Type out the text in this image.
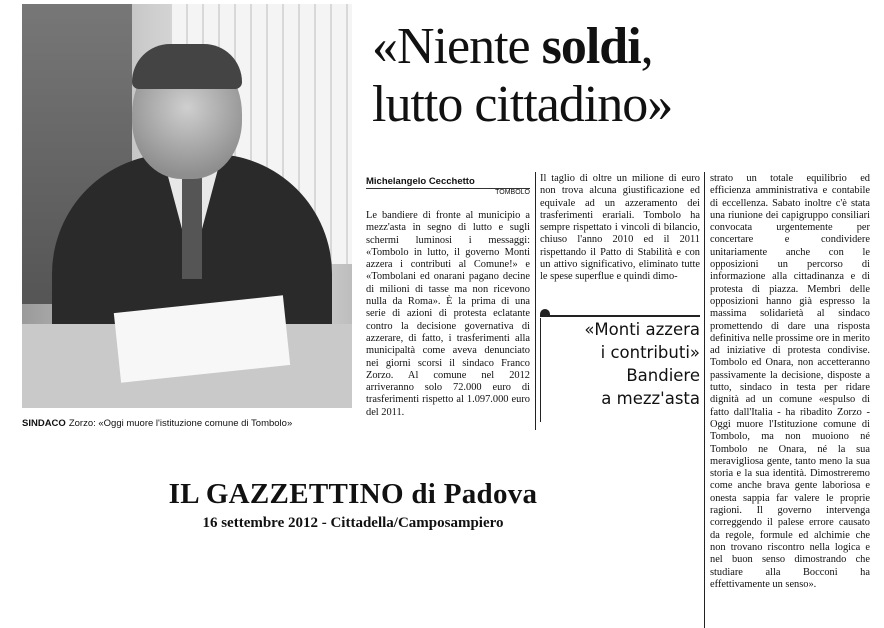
SINDACO Zorzo: «Oggi muore l'istituzione comune di Tombolo»
«Niente soldi,
lutto cittadino»
Michelangelo Cecchetto
TOMBOLO
Le bandiere di fronte al municipio a mezz'asta in segno di lutto e sugli schermi luminosi i messaggi: «Tombolo in lutto, il governo Monti azzera i contributi al Comune!» e «Tombolani ed onarani pagano decine di milioni di tasse ma non ricevono nulla da Roma». È la prima di una serie di azioni di protesta eclatante contro la decisione governativa di azzerare, di fatto, i trasferimenti alla municipaltà come aveva denunciato nei giorni scorsi il sindaco Franco Zorzo. Al comune nel 2012 arriveranno solo 72.000 euro di trasferimenti rispetto al 1.097.000 euro del 2011.
Il taglio di oltre un milione di euro non trova alcuna giustificazione ed equivale ad un azzeramento dei trasferimenti erariali. Tombolo ha sempre rispettato i vincoli di bilancio, chiuso l'anno 2010 ed il 2011 rispettando il Patto di Stabilità e con un attivo significativo, eliminato tutte le spese superflue e quindi dimo-
«Monti azzera
i contributi»
Bandiere
a mezz'asta
strato un totale equilibrio ed efficienza amministrativa e contabile di eccellenza. Sabato inoltre c'è stata una riunione dei capigruppo consiliari convocata urgentemente per concertare e condividere unitariamente anche con le opposizioni un percorso di informazione alla cittadinanza e di protesta di piazza. Membri delle opposizioni hanno già espresso la massima solidarietà al sindaco promettendo di dare una risposta definitiva nelle prossime ore in merito ad iniziative di protesta condivise. Tombolo ed Onara, non accetteranno passivamente la decisione, disposte a tutto, sindaco in testa per ridare dignità ad un comune «espulso di fatto dall'Italia - ha ribadito Zorzo - Oggi muore l'Istituzione comune di Tombolo, ma non muoiono né Tombolo ne Onara, né la sua meravigliosa gente, tanto meno la sua storia e la sua identità. Dimostreremo come anche brava gente laboriosa e onesta sappia far valere le proprie ragioni. Il governo intervenga correggendo il palese errore causato da regole, formule ed alchimie che non trovano riscontro nella logica e nel buon senso dimostrando che studiare alla Bocconi ha effettivamente un senso».
IL GAZZETTINO di Padova
16 settembre 2012 - Cittadella/Camposampiero
